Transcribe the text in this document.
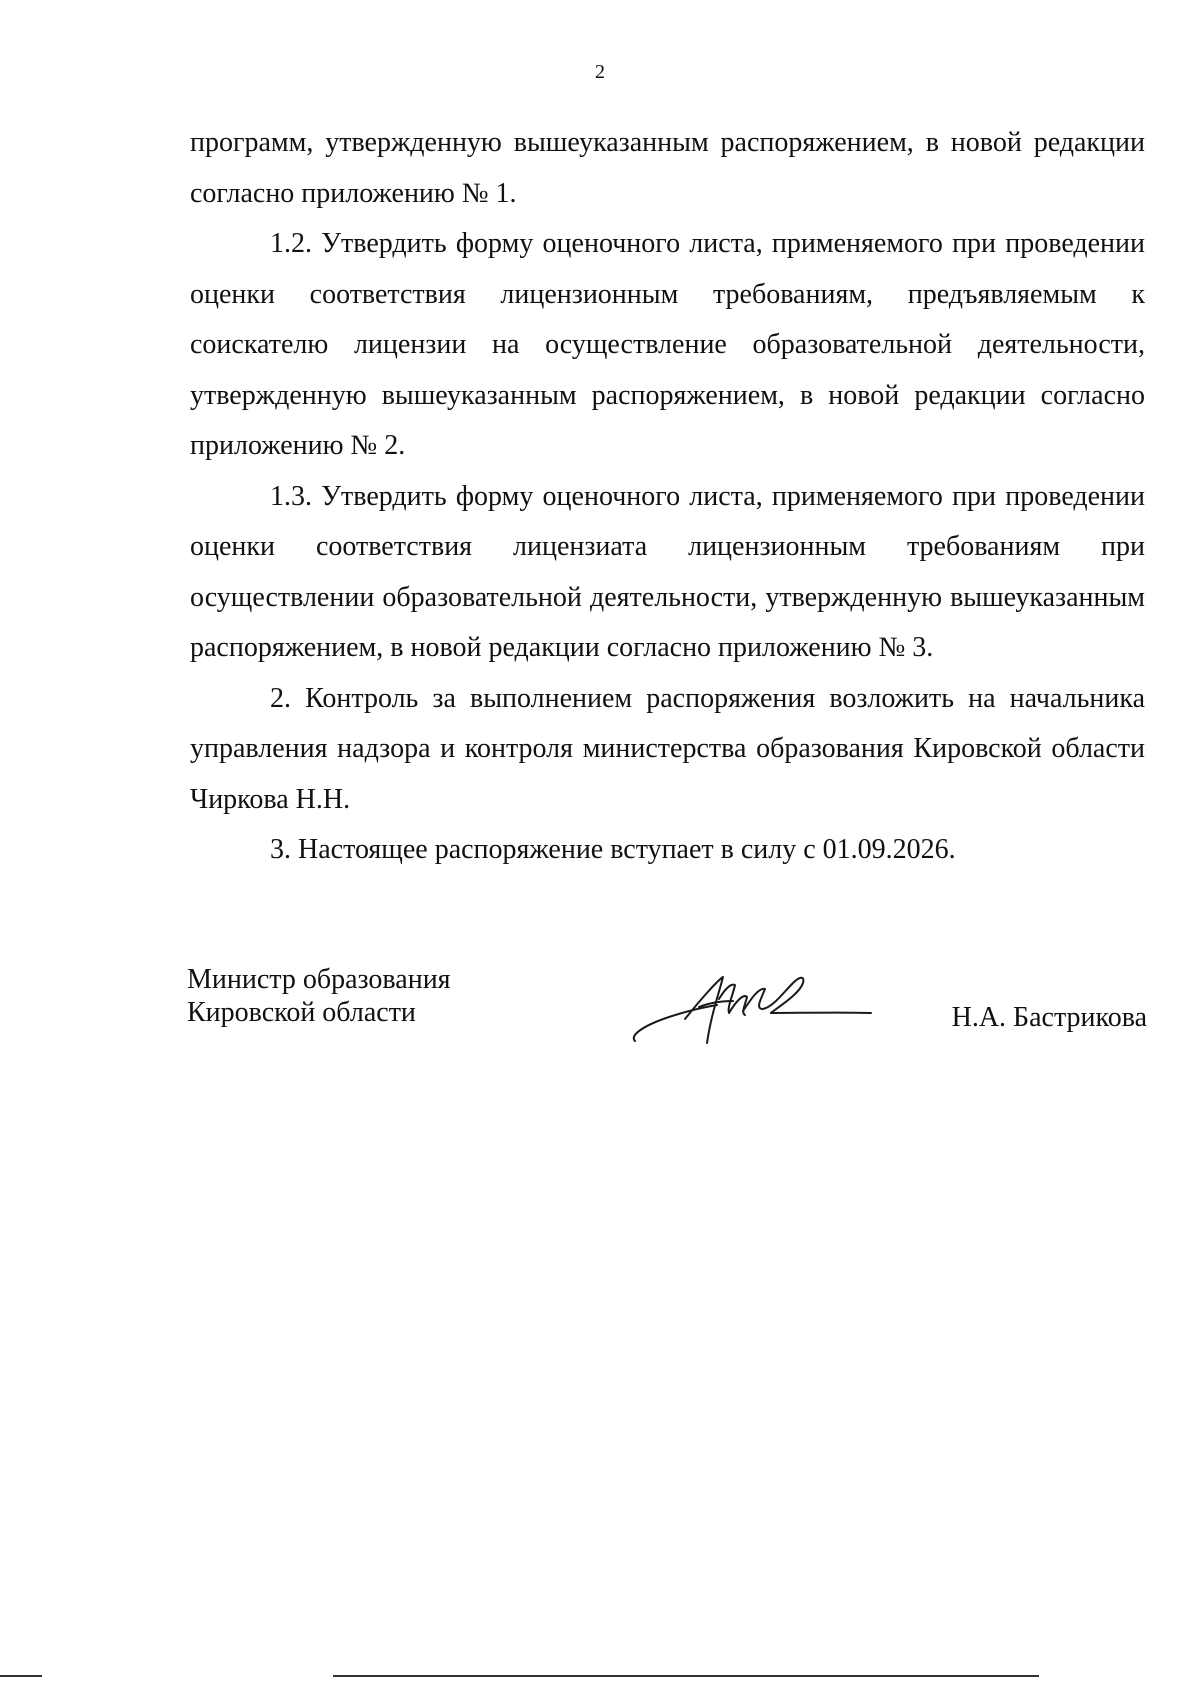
2

программ, утвержденную вышеуказанным распоряжением, в новой редакции согласно приложению № 1.

1.2. Утвердить форму оценочного листа, применяемого при проведении оценки соответствия лицензионным требованиям, предъявляемым к соискателю лицензии на осуществление образовательной деятельности, утвержденную вышеуказанным распоряжением, в новой редакции согласно приложению № 2.

1.3. Утвердить форму оценочного листа, применяемого при проведении оценки соответствия лицензиата лицензионным требованиям при осуществлении образовательной деятельности, утвержденную вышеуказанным распоряжением, в новой редакции согласно приложению № 3.

2. Контроль за выполнением распоряжения возложить на начальника управления надзора и контроля министерства образования Кировской области Чиркова Н.Н.

3. Настоящее распоряжение вступает в силу с 01.09.2026.

Министр образования
Кировской области	Н.А. Бастрикова
